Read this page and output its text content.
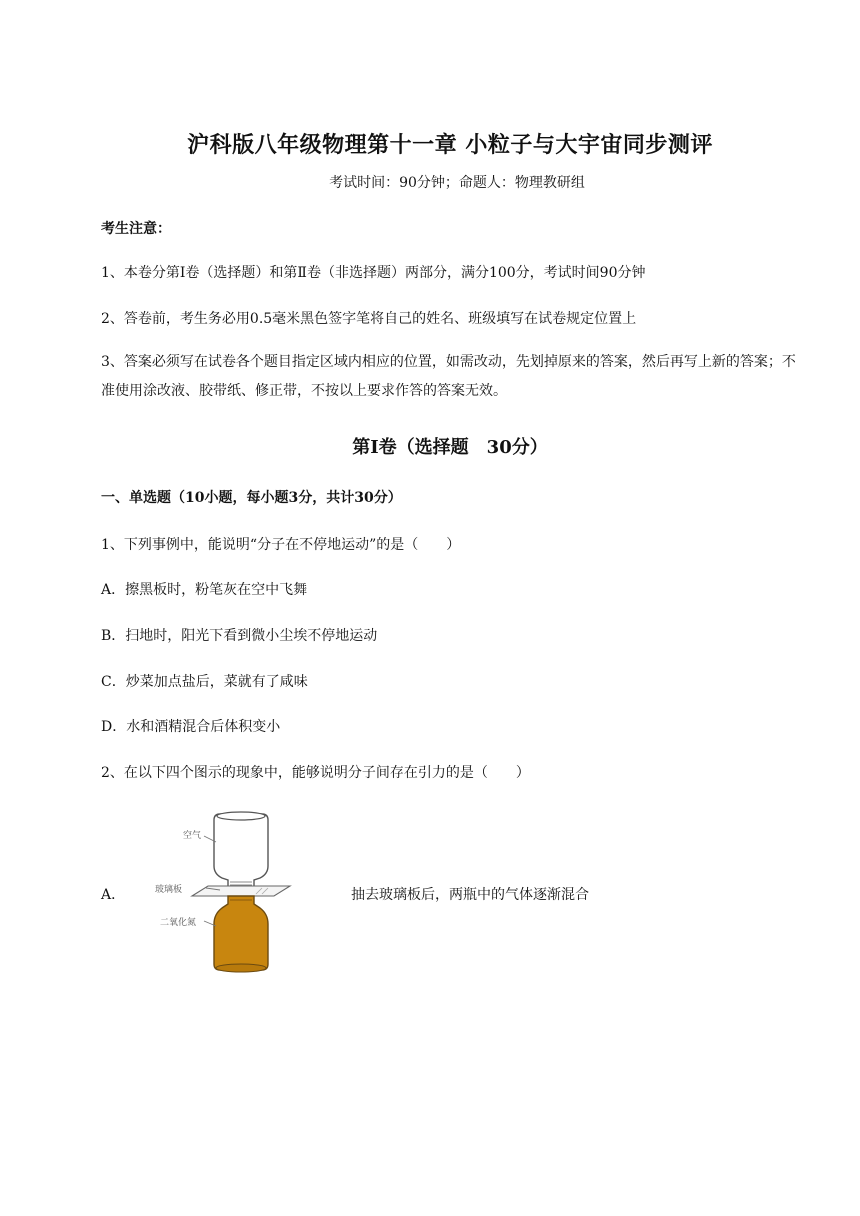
沪科版八年级物理第十一章 小粒子与大宇宙同步测评
考试时间：90分钟；命题人：物理教研组
考生注意：
1、本卷分第Ⅰ卷（选择题）和第Ⅱ卷（非选择题）两部分，满分100分，考试时间90分钟
2、答卷前，考生务必用0.5毫米黑色签字笔将自己的姓名、班级填写在试卷规定位置上
3、答案必须写在试卷各个题目指定区域内相应的位置，如需改动，先划掉原来的答案，然后再写上新的答案；不准使用涂改液、胶带纸、修正带，不按以上要求作答的答案无效。
第Ⅰ卷（选择题　30分）
一、单选题（10小题，每小题3分，共计30分）
1、下列事例中，能说明“分子在不停地运动”的是（　　）
A．擦黑板时，粉笔灰在空中飞舞
B．扫地时，阳光下看到微小尘埃不停地运动
C．炒菜加点盐后，菜就有了咸味
D．水和酒精混合后体积变小
2、在以下四个图示的现象中，能够说明分子间存在引力的是（　　）
A．
空气
玻璃板
二氧化氮
抽去玻璃板后，两瓶中的气体逐渐混合
